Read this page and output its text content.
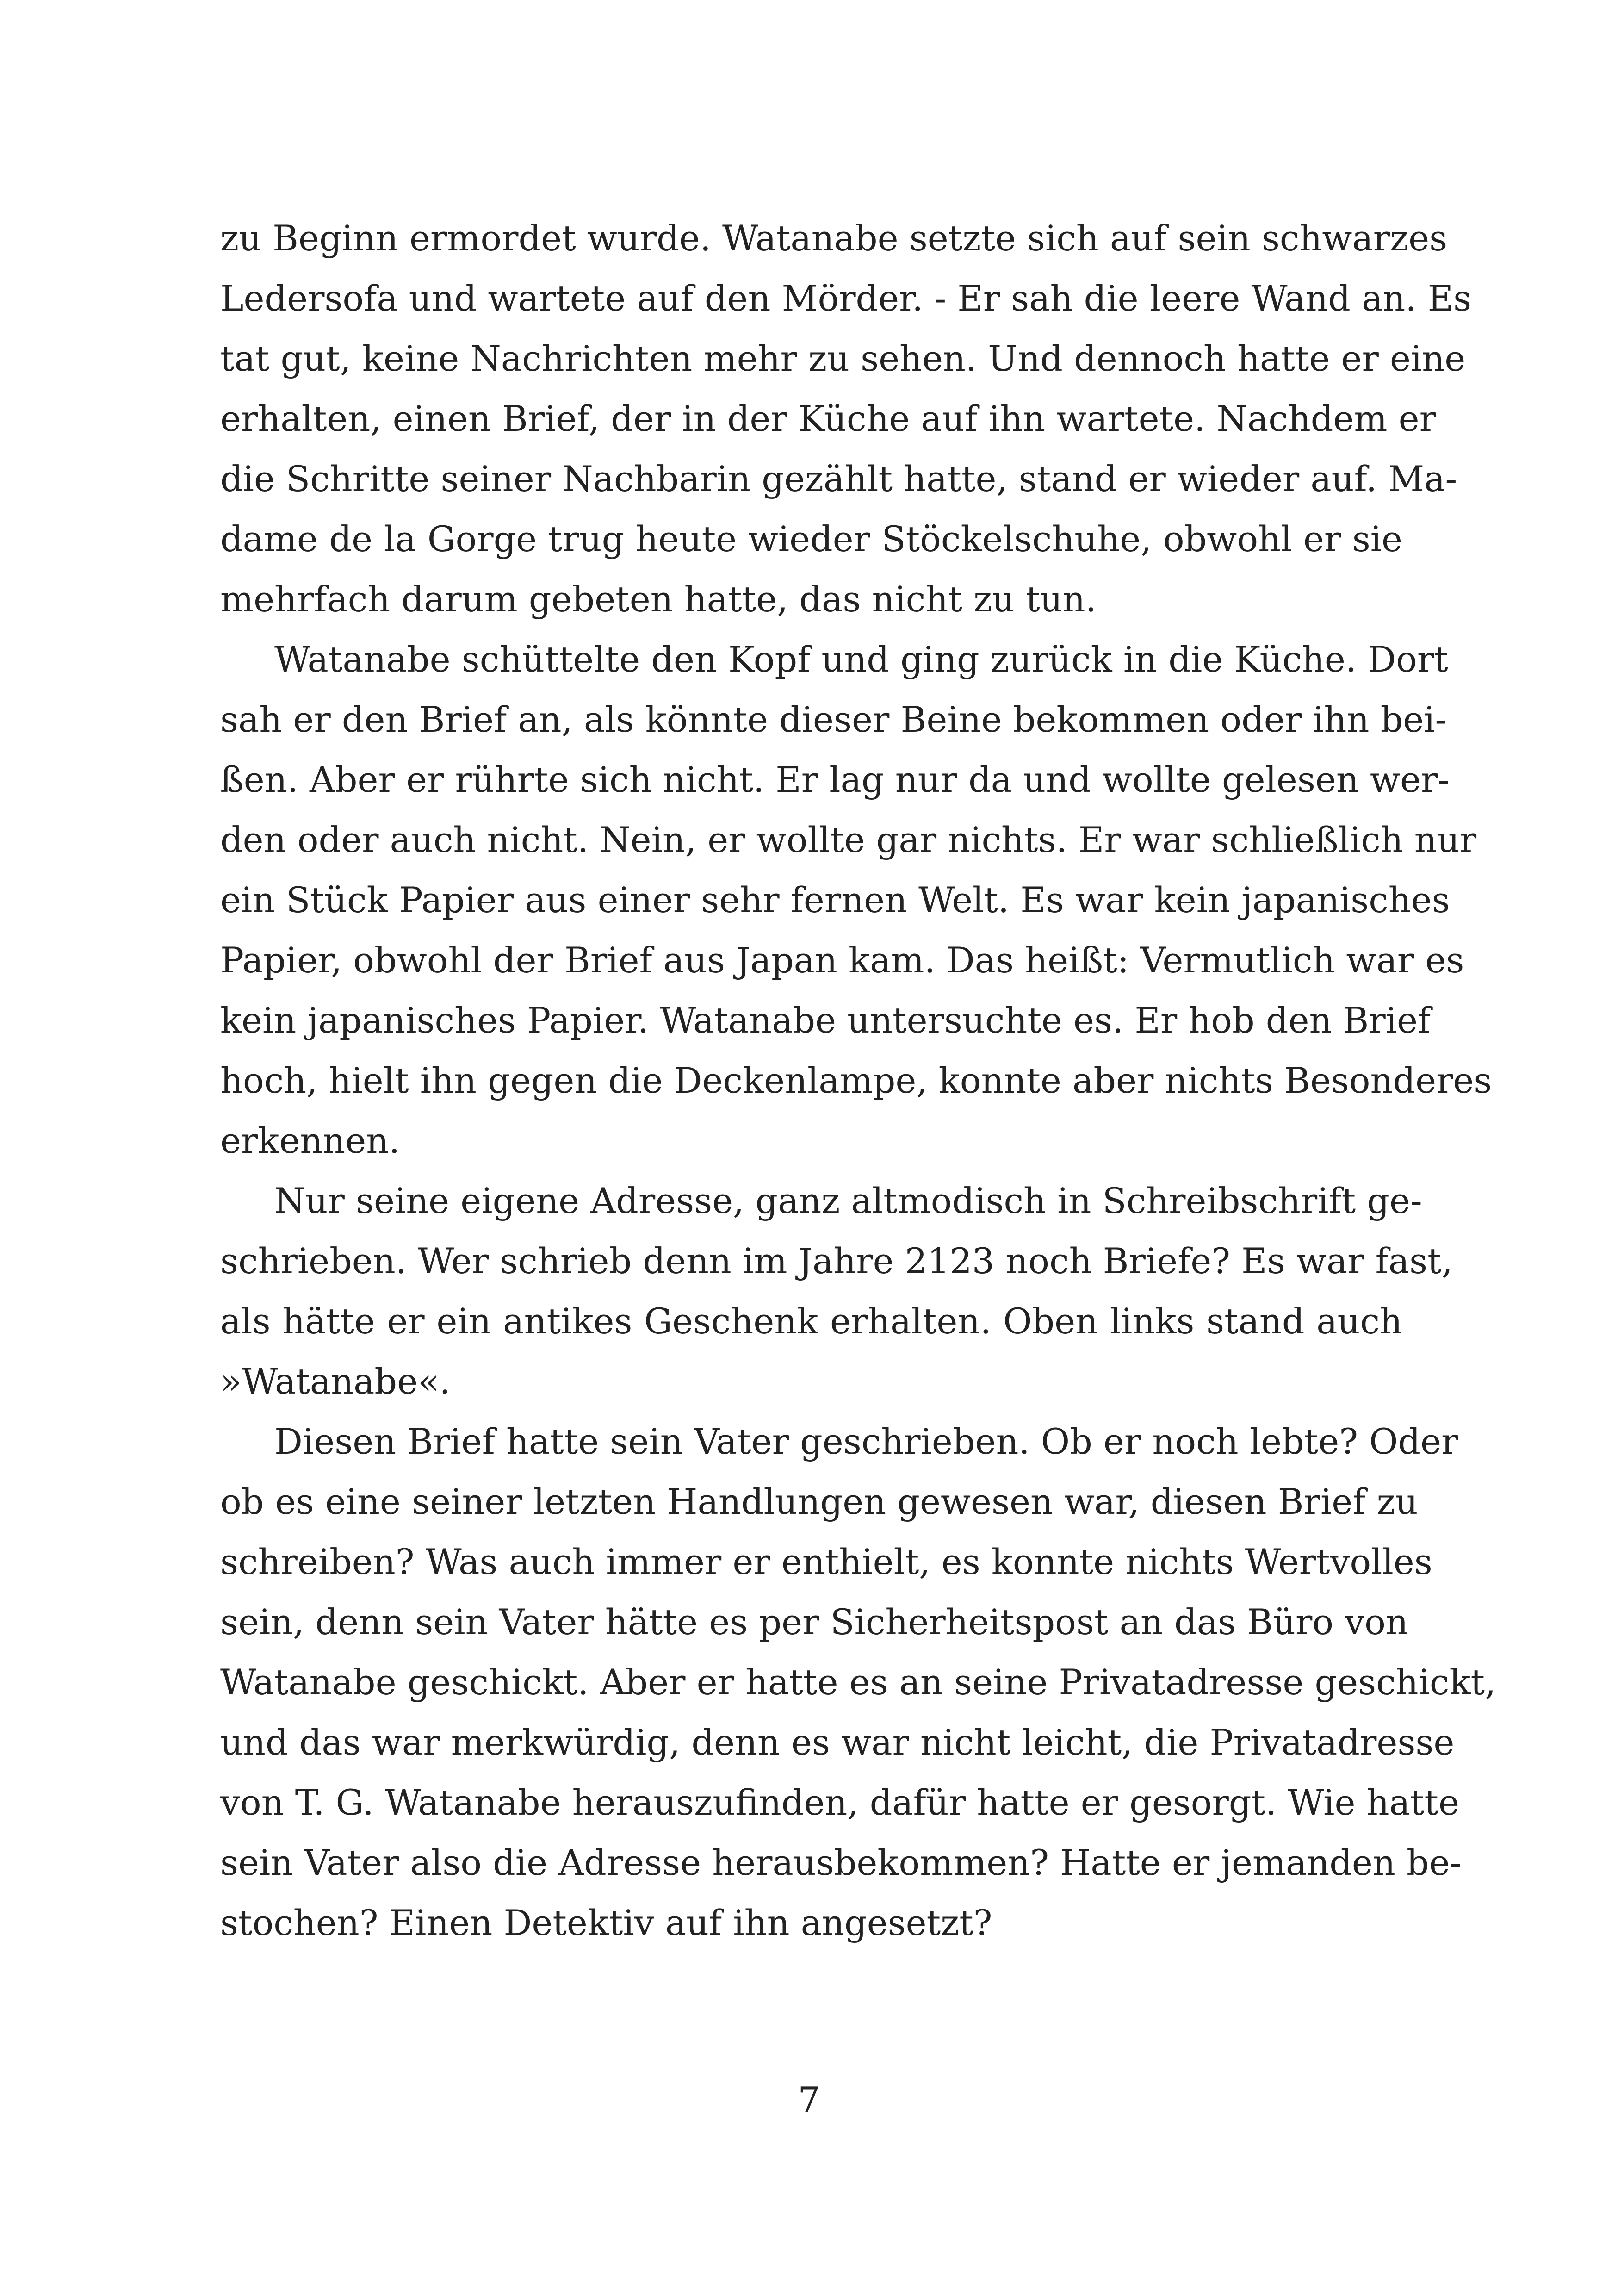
zu Beginn ermordet wurde. Watanabe setzte sich auf sein schwarzes
Ledersofa und wartete auf den Mörder. - Er sah die leere Wand an. Es
tat gut, keine Nachrichten mehr zu sehen. Und dennoch hatte er eine
erhalten, einen Brief, der in der Küche auf ihn wartete. Nachdem er
die Schritte seiner Nachbarin gezählt hatte, stand er wieder auf. Ma-
dame de la Gorge trug heute wieder Stöckelschuhe, obwohl er sie
mehrfach darum gebeten hatte, das nicht zu tun.
Watanabe schüttelte den Kopf und ging zurück in die Küche. Dort
sah er den Brief an, als könnte dieser Beine bekommen oder ihn bei-
ßen. Aber er rührte sich nicht. Er lag nur da und wollte gelesen wer-
den oder auch nicht. Nein, er wollte gar nichts. Er war schließlich nur
ein Stück Papier aus einer sehr fernen Welt. Es war kein japanisches
Papier, obwohl der Brief aus Japan kam. Das heißt: Vermutlich war es
kein japanisches Papier. Watanabe untersuchte es. Er hob den Brief
hoch, hielt ihn gegen die Deckenlampe, konnte aber nichts Besonderes
erkennen.
Nur seine eigene Adresse, ganz altmodisch in Schreibschrift ge-
schrieben. Wer schrieb denn im Jahre 2123 noch Briefe? Es war fast,
als hätte er ein antikes Geschenk erhalten. Oben links stand auch
»Watanabe«.
Diesen Brief hatte sein Vater geschrieben. Ob er noch lebte? Oder
ob es eine seiner letzten Handlungen gewesen war, diesen Brief zu
schreiben? Was auch immer er enthielt, es konnte nichts Wertvolles
sein, denn sein Vater hätte es per Sicherheitspost an das Büro von
Watanabe geschickt. Aber er hatte es an seine Privatadresse geschickt,
und das war merkwürdig, denn es war nicht leicht, die Privatadresse
von T. G. Watanabe herauszufinden, dafür hatte er gesorgt. Wie hatte
sein Vater also die Adresse herausbekommen? Hatte er jemanden be-
stochen? Einen Detektiv auf ihn angesetzt?
7
